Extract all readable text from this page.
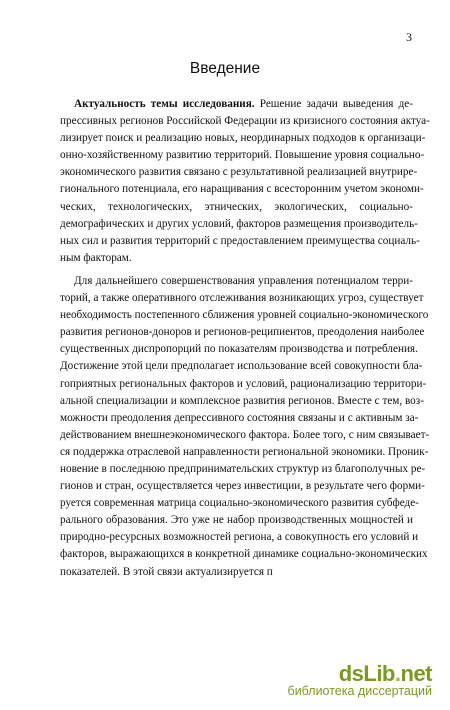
3
Введение
Актуальность темы исследования. Решение задачи выведения де-
прессивных регионов Российской Федерации из кризисного состояния актуа-
лизирует поиск и реализацию новых, неординарных подходов к организаци-
онно-хозяйственному развитию территорий. Повышение уровня социально-
экономического развития связано с результативной реализацией внутрире-
гионального потенциала, его наращивания с всесторонним учетом экономи-
ческих, технологических, этнических, экологических, социально-
демографических и других условий, факторов размещения производитель-
ных сил и развития территорий с предоставлением преимущества социаль-
ным факторам.
Для дальнейшего совершенствования управления потенциалом терри-
торий, а также оперативного отслеживания возникающих угроз, существует
необходимость постепенного сближения уровней социально-экономического
развития регионов-доноров и регионов-реципиентов, преодоления наиболее
существенных диспропорций по показателям производства и потребления.
Достижение этой цели предполагает использование всей совокупности бла-
гоприятных региональных факторов и условий, рационализацию территори-
альной специализации и комплексное развития регионов. Вместе с тем, воз-
можности преодоления депрессивного состояния связаны и с активным за-
действованием внешнеэкономического фактора. Более того, с ним связывает-
ся поддержка отраслевой направленности региональной экономики. Проник-
новение в последнюю предпринимательских структур из благополучных ре-
гионов и стран, осуществляется через инвестиции, в результате чего форми-
руется современная матрица социально-экономического развития субфеде-
рального образования. Это уже не набор производственных мощностей и
природно-ресурсных возможностей региона, а совокупность его условий и
факторов, выражающихся в конкретной динамике социально-экономических
показателей. В этой связи актуализируется п
dsLib.net
библиотека диссертаций
